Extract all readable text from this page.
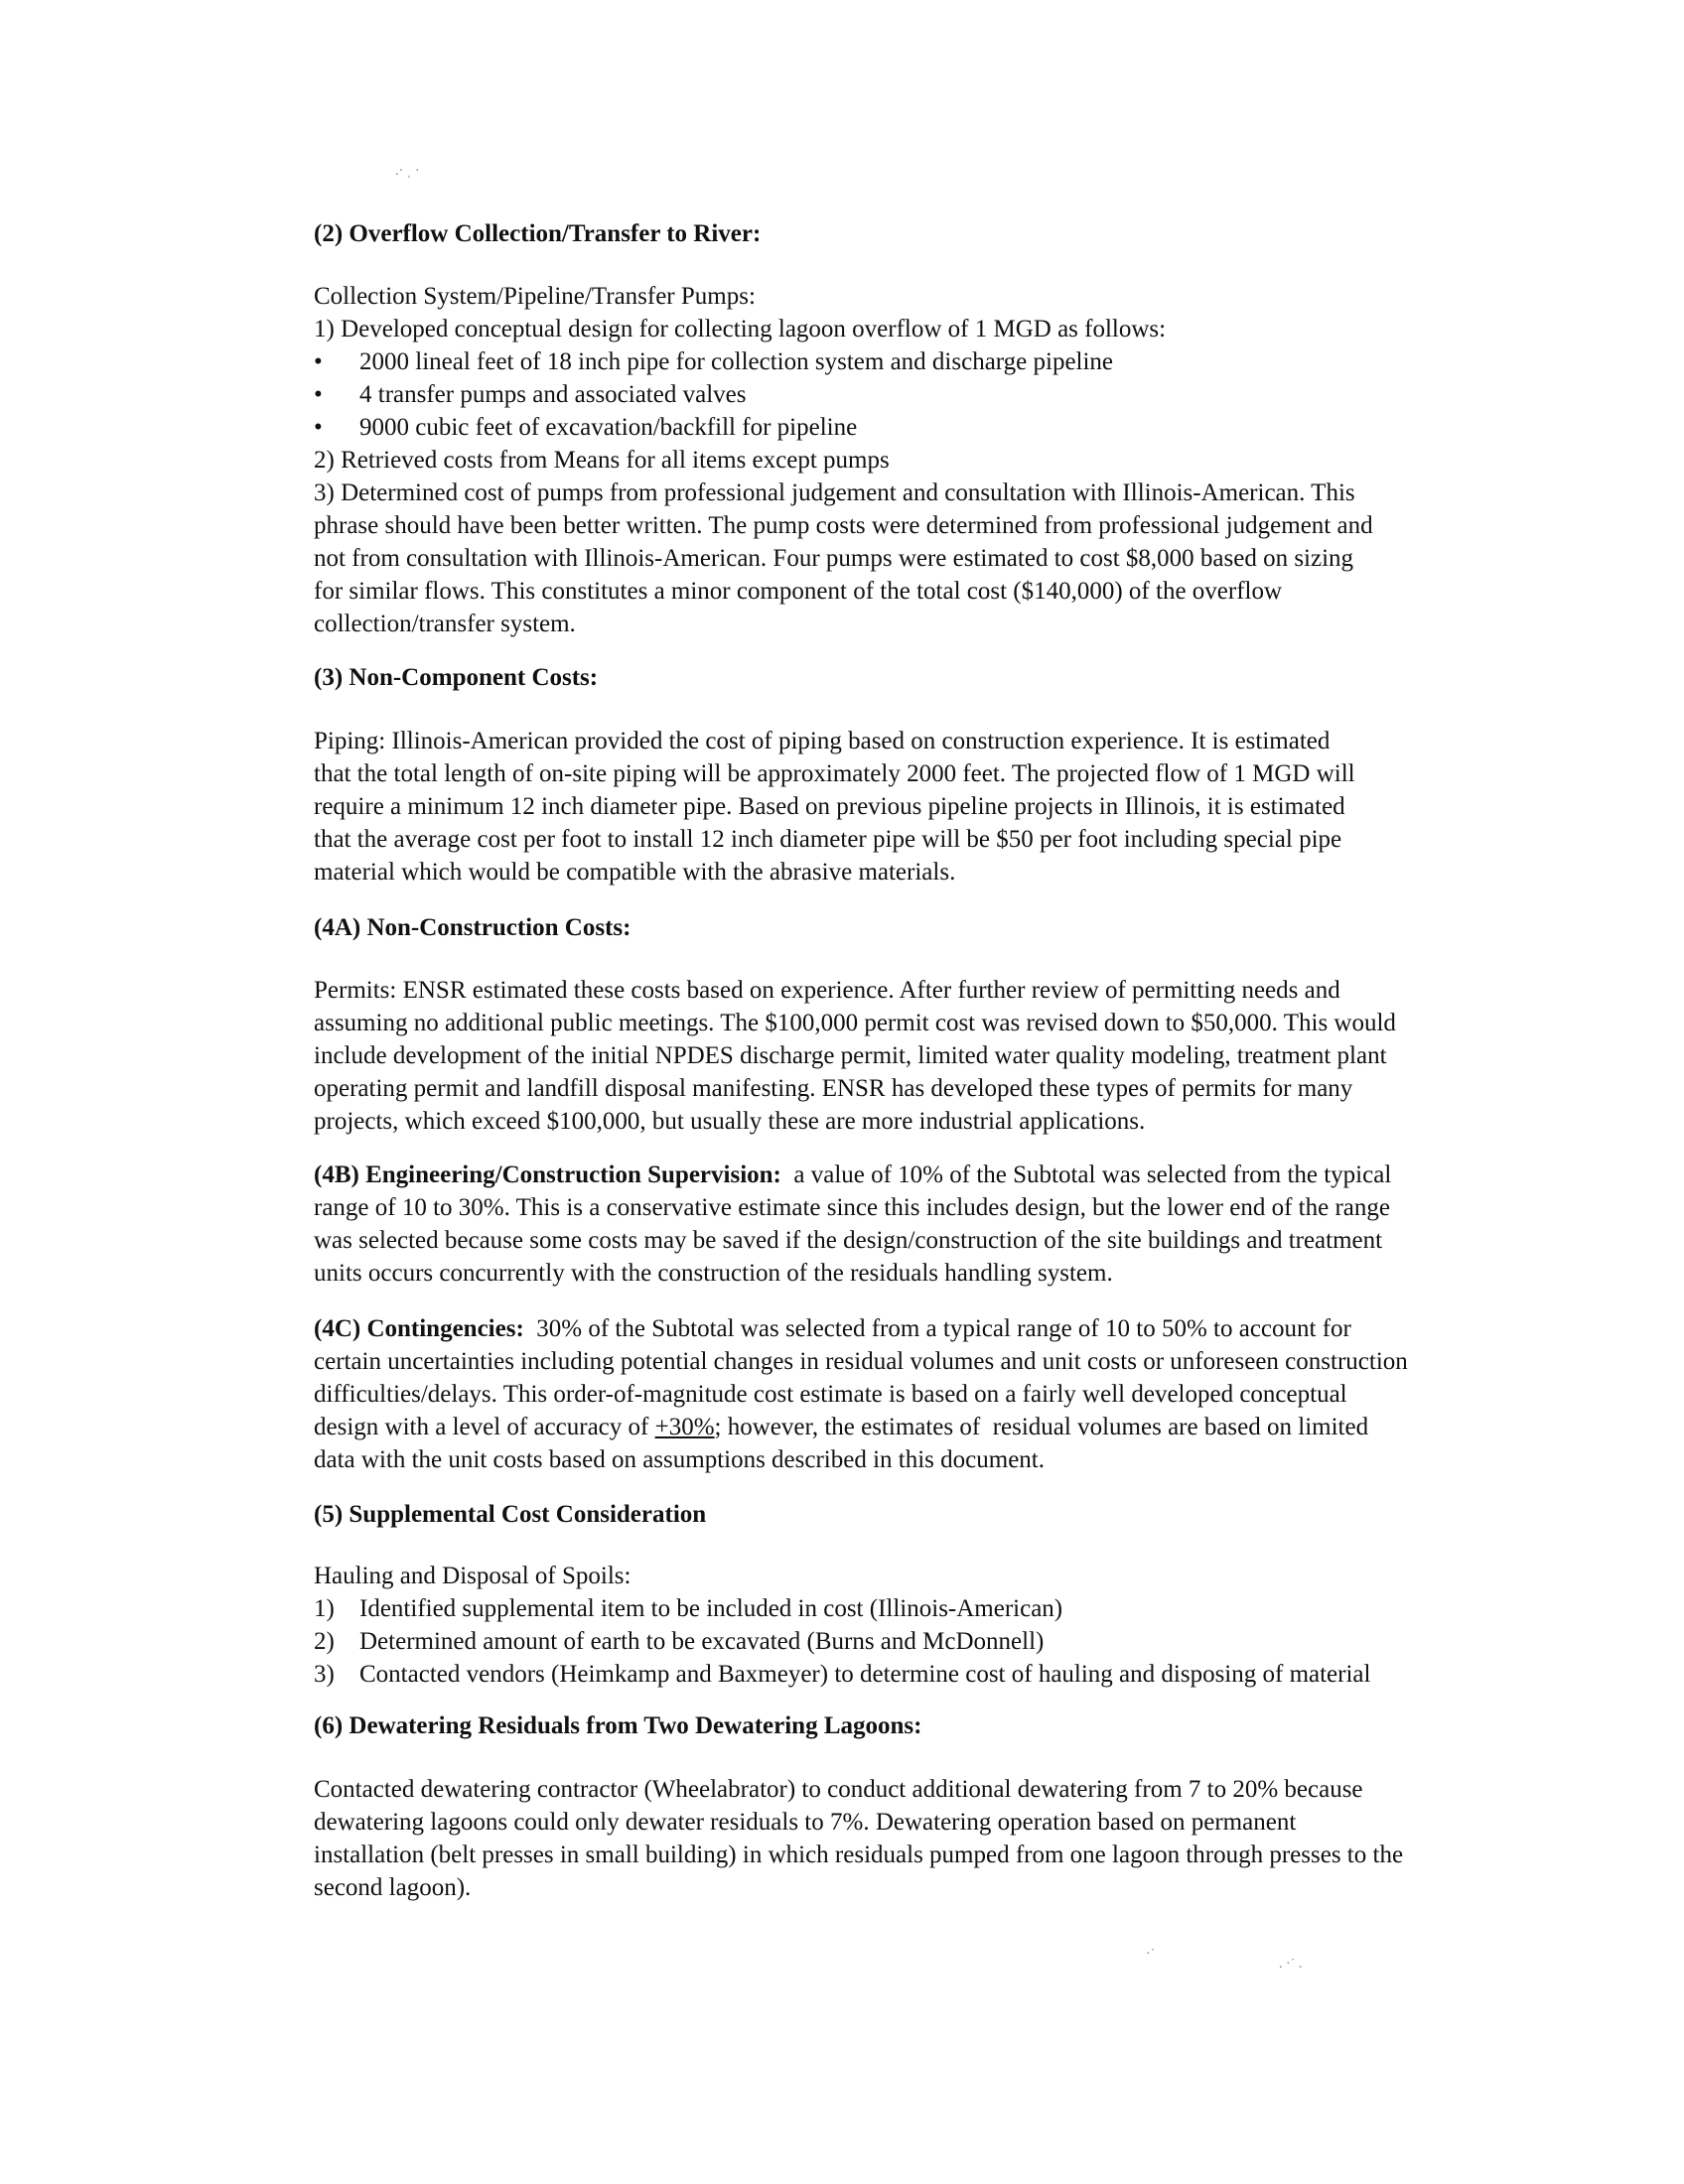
.· ˌ ·
·˙
. ·˙ .
(2) Overflow Collection/Transfer to River:
Collection System/Pipeline/Transfer Pumps:
1) Developed conceptual design for collecting lagoon overflow of 1 MGD as follows:
•	2000 lineal feet of 18 inch pipe for collection system and discharge pipeline
•	4 transfer pumps and associated valves
•	9000 cubic feet of excavation/backfill for pipeline
2) Retrieved costs from Means for all items except pumps
3) Determined cost of pumps from professional judgement and consultation with Illinois-American. This
phrase should have been better written. The pump costs were determined from professional judgement and
not from consultation with Illinois-American. Four pumps were estimated to cost $8,000 based on sizing
for similar flows. This constitutes a minor component of the total cost ($140,000) of the overflow
collection/transfer system.
(3) Non-Component Costs:
Piping: Illinois-American provided the cost of piping based on construction experience. It is estimated
that the total length of on-site piping will be approximately 2000 feet. The projected flow of 1 MGD will
require a minimum 12 inch diameter pipe. Based on previous pipeline projects in Illinois, it is estimated
that the average cost per foot to install 12 inch diameter pipe will be $50 per foot including special pipe
material which would be compatible with the abrasive materials.
(4A) Non-Construction Costs:
Permits: ENSR estimated these costs based on experience. After further review of permitting needs and
assuming no additional public meetings. The $100,000 permit cost was revised down to $50,000. This would
include development of the initial NPDES discharge permit, limited water quality modeling, treatment plant
operating permit and landfill disposal manifesting. ENSR has developed these types of permits for many
projects, which exceed $100,000, but usually these are more industrial applications.
(4B) Engineering/Construction Supervision:  a value of 10% of the Subtotal was selected from the typical
range of 10 to 30%. This is a conservative estimate since this includes design, but the lower end of the range
was selected because some costs may be saved if the design/construction of the site buildings and treatment
units occurs concurrently with the construction of the residuals handling system.
(4C) Contingencies:  30% of the Subtotal was selected from a typical range of 10 to 50% to account for
certain uncertainties including potential changes in residual volumes and unit costs or unforeseen construction
difficulties/delays. This order-of-magnitude cost estimate is based on a fairly well developed conceptual
design with a level of accuracy of +30%; however, the estimates of  residual volumes are based on limited
data with the unit costs based on assumptions described in this document.
(5) Supplemental Cost Consideration
Hauling and Disposal of Spoils:
1) Identified supplemental item to be included in cost (Illinois-American)
2) Determined amount of earth to be excavated (Burns and McDonnell)
3) Contacted vendors (Heimkamp and Baxmeyer) to determine cost of hauling and disposing of material
(6) Dewatering Residuals from Two Dewatering Lagoons:
Contacted dewatering contractor (Wheelabrator) to conduct additional dewatering from 7 to 20% because
dewatering lagoons could only dewater residuals to 7%. Dewatering operation based on permanent
installation (belt presses in small building) in which residuals pumped from one lagoon through presses to the
second lagoon).
